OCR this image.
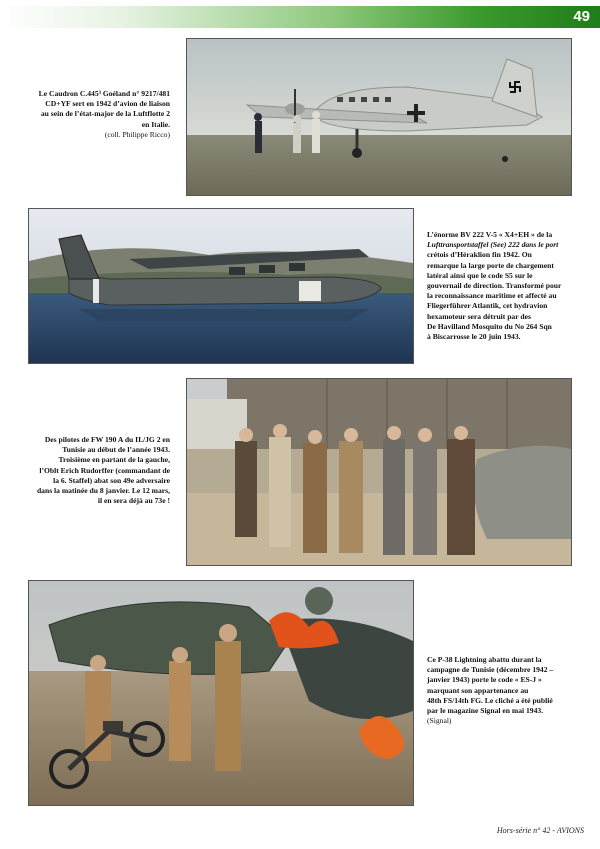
49
Le Caudron C.445³ Goéland n° 9217/481
CD+YF sert en 1942 d’avion de liaison
au sein de l’état-major de la Luftflotte 2
en Italie.
(coll. Philippe Ricco)
L’énorme BV 222 V-5 « X4+EH » de la
Lufttransportstaffel (See) 222 dans le port
crétois d’Héraklion fin 1942. On
remarque la large porte de chargement
latéral ainsi que le code S5 sur le
gouvernail de direction. Transformé pour
la reconnaissance maritime et affecté au
Fliegerführer Atlantik, cet hydravion
hexamoteur sera détruit par des
De Havilland Mosquito du No 264 Sqn
à Biscarrosse le 20 juin 1943.
Des pilotes de FW 190 A du II./JG 2 en
Tunisie au début de l’année 1943.
Troisième en partant de la gauche,
l’Oblt Erich Rudorffer (commandant de
la 6. Staffel) abat son 49e adversaire
dans la matinée du 8 janvier. Le 12 mars,
il en sera déjà au 73e !
Ce P-38 Lightning abattu durant la
campagne de Tunisie (décembre 1942 –
janvier 1943) porte le code « ES-J »
marquant son appartenance au
48th FS/14th FG. Le cliché a été publié
par le magazine Signal en mai 1943.
(Signal)
Hors-série n° 42 - AVIONS
